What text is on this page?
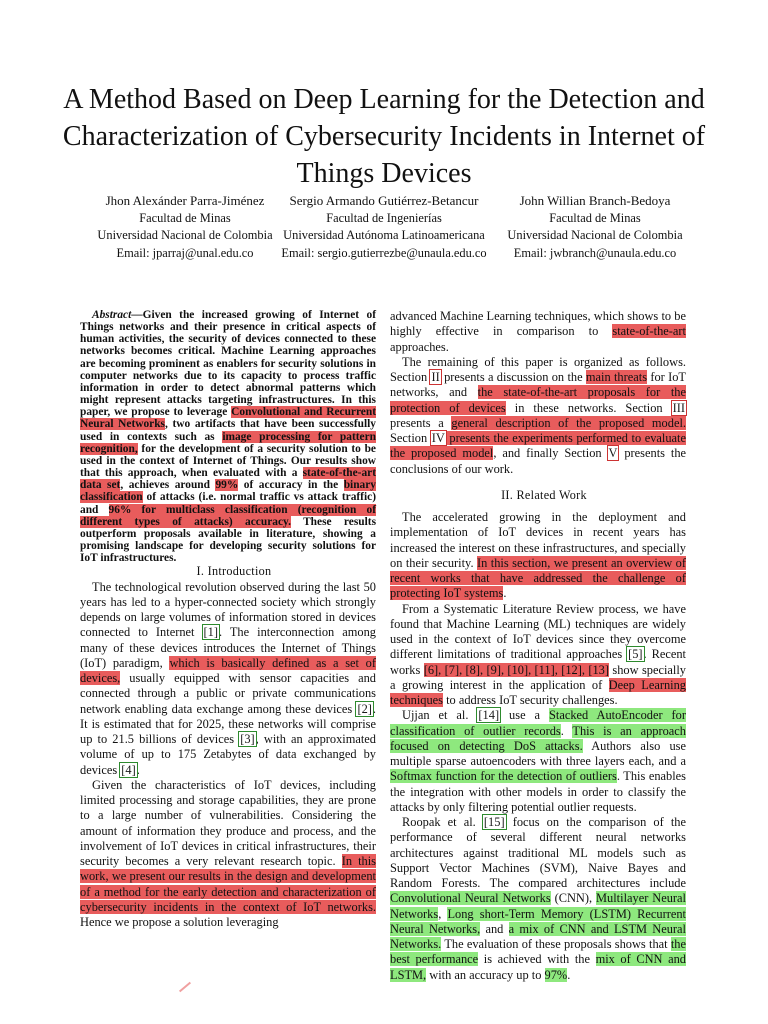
A Method Based on Deep Learning for the Detection and Characterization of Cybersecurity Incidents in Internet of Things Devices
Jhon Alexánder Parra-Jiménez
Facultad de Minas
Universidad Nacional de Colombia
Email: jparraj@unal.edu.co
Sergio Armando Gutiérrez-Betancur
Facultad de Ingenierías
Universidad Autónoma Latinoamericana
Email: sergio.gutierrezbe@unaula.edu.co
John Willian Branch-Bedoya
Facultad de Minas
Universidad Nacional de Colombia
Email: jwbranch@unaula.edu.co

Abstract—Given the increased growing of Internet of Things networks and their presence in critical aspects of human activities, the security of devices connected to these networks becomes critical. Machine Learning approaches are becoming prominent as enablers for security solutions in computer networks due to its capacity to process traffic information in order to detect abnormal patterns which might represent attacks targeting infrastructures. In this paper, we propose to leverage Convolutional and Recurrent Neural Networks, two artifacts that have been successfully used in contexts such as image processing for pattern recognition, for the development of a security solution to be used in the context of Internet of Things. Our results show that this approach, when evaluated with a state-of-the-art data set, achieves around 99% of accuracy in the binary classification of attacks (i.e. normal traffic vs attack traffic) and 96% for multiclass classification (recognition of different types of attacks) accuracy. These results outperform proposals available in literature, showing a promising landscape for developing security solutions for IoT infrastructures.

I. Introduction

The technological revolution observed during the last 50 years has led to a hyper-connected society which strongly depends on large volumes of information stored in devices connected to Internet [1]. The interconnection among many of these devices introduces the Internet of Things (IoT) paradigm, which is basically defined as a set of devices, usually equipped with sensor capacities and connected through a public or private communications network enabling data exchange among these devices [2]. It is estimated that for 2025, these networks will comprise up to 21.5 billions of devices [3], with an approximated volume of up to 175 Zetabytes of data exchanged by devices [4].

Given the characteristics of IoT devices, including limited processing and storage capabilities, they are prone to a large number of vulnerabilities. Considering the amount of information they produce and process, and the involvement of IoT devices in critical infrastructures, their security becomes a very relevant research topic. In this work, we present our results in the design and development of a method for the early detection and characterization of cybersecurity incidents in the context of IoT networks. Hence we propose a solution leveraging

advanced Machine Learning techniques, which shows to be highly effective in comparison to state-of-the-art approaches.

The remaining of this paper is organized as follows. Section II presents a discussion on the main threats for IoT networks, and the state-of-the-art proposals for the protection of devices in these networks. Section III presents a general description of the proposed model. Section IV presents the experiments performed to evaluate the proposed model, and finally Section V presents the conclusions of our work.

II. Related Work

The accelerated growing in the deployment and implementation of IoT devices in recent years has increased the interest on these infrastructures, and specially on their security. In this section, we present an overview of recent works that have addressed the challenge of protecting IoT systems.

From a Systematic Literature Review process, we have found that Machine Learning (ML) techniques are widely used in the context of IoT devices since they overcome different limitations of traditional approaches [5]. Recent works [6], [7], [8], [9], [10], [11], [12], [13] show specially a growing interest in the application of Deep Learning techniques to address IoT security challenges.

Ujjan et al. [14] use a Stacked AutoEncoder for classification of outlier records. This is an approach focused on detecting DoS attacks. Authors also use multiple sparse autoencoders with three layers each, and a Softmax function for the detection of outliers. This enables the integration with other models in order to classify the attacks by only filtering potential outlier requests.

Roopak et al. [15] focus on the comparison of the performance of several different neural networks architectures against traditional ML models such as Support Vector Machines (SVM), Naive Bayes and Random Forests. The compared architectures include Convolutional Neural Networks (CNN), Multilayer Neural Networks, Long short-Term Memory (LSTM) Recurrent Neural Networks, and a mix of CNN and LSTM Neural Networks. The evaluation of these proposals shows that the best performance is achieved with the mix of CNN and LSTM, with an accuracy up to 97%.
